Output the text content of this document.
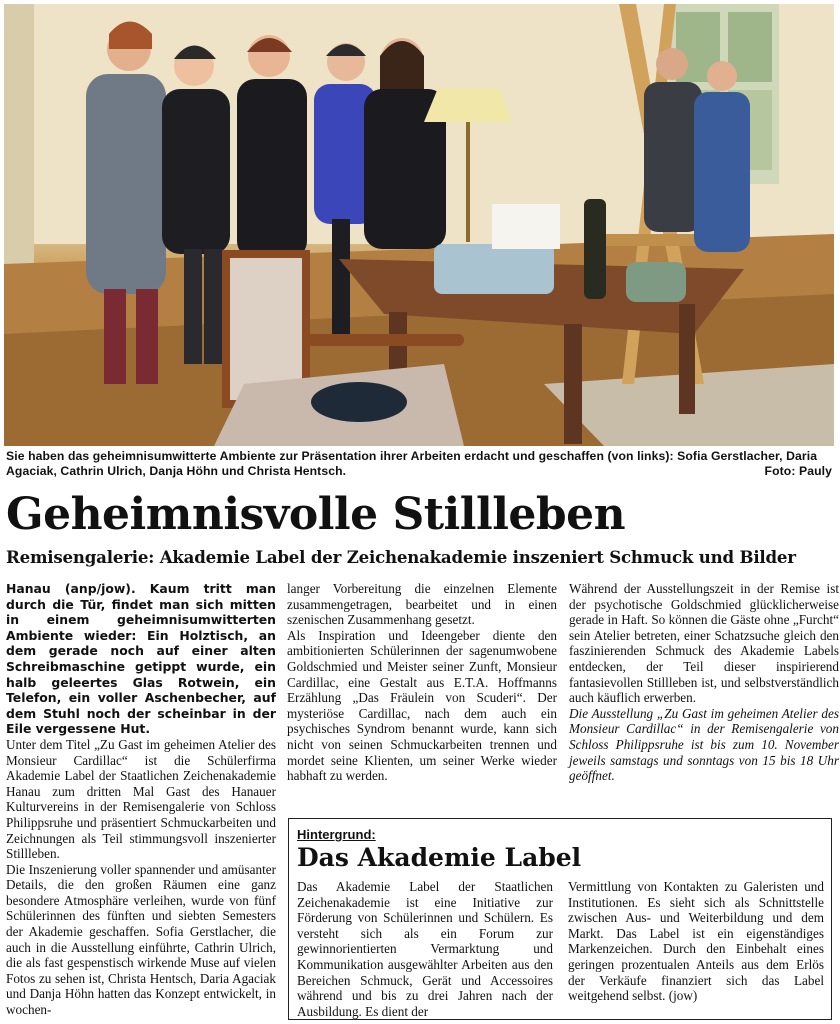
Sie haben das geheimnisumwitterte Ambiente zur Präsentation ihrer Arbeiten erdacht und geschaffen (von links): Sofia Gerstlacher, Daria Agaciak, Cathrin Ulrich, Danja Höhn und Christa Hentsch.	Foto: Pauly
Geheimnisvolle Stillleben
Remisengalerie: Akademie Label der Zeichenakademie inszeniert Schmuck und Bilder

Hanau (anp/jow). Kaum tritt man durch die Tür, findet man sich mitten in einem geheimnisumwitterten Ambiente wieder: Ein Holztisch, an dem gerade noch auf einer alten Schreibmaschine getippt wurde, ein halb geleertes Glas Rotwein, ein Telefon, ein voller Aschenbecher, auf dem Stuhl noch der scheinbar in der Eile vergessene Hut.

Unter dem Titel „Zu Gast im geheimen Atelier des Monsieur Cardillac“ ist die Schülerfirma Akademie Label der Staatlichen Zeichenakademie Hanau zum dritten Mal Gast des Hanauer Kulturvereins in der Remisengalerie von Schloss Philippsruhe und präsentiert Schmuckarbeiten und Zeichnungen als Teil stimmungsvoll inszenierter Stillleben.

Die Inszenierung voller spannender und amüsanter Details, die den großen Räumen eine ganz besondere Atmosphäre verleihen, wurde von fünf Schülerinnen des fünften und siebten Semesters der Akademie geschaffen. Sofia Gerstlacher, die auch in die Ausstellung einführte, Cathrin Ulrich, die als fast gespenstisch wirkende Muse auf vielen Fotos zu sehen ist, Christa Hentsch, Daria Agaciak und Danja Höhn hatten das Konzept entwickelt, in wochen-

langer Vorbereitung die einzelnen Elemente zusammengetragen, bearbeitet und in einen szenischen Zusammenhang gesetzt.

Als Inspiration und Ideengeber diente den ambitionierten Schülerinnen der sagenumwobene Goldschmied und Meister seiner Zunft, Monsieur Cardillac, eine Gestalt aus E.T.A. Hoffmanns Erzählung „Das Fräulein von Scuderi“. Der mysteriöse Cardillac, nach dem auch ein psychisches Syndrom benannt wurde, kann sich nicht von seinen Schmuckarbeiten trennen und mordet seine Klienten, um seiner Werke wieder habhaft zu werden.

Während der Ausstellungszeit in der Remise ist der psychotische Goldschmied glücklicherweise gerade in Haft. So können die Gäste ohne „Furcht“ sein Atelier betreten, einer Schatzsuche gleich den faszinierenden Schmuck des Akademie Labels entdecken, der Teil dieser inspirierend fantasievollen Stillleben ist, und selbstverständlich auch käuflich erwerben.

Die Ausstellung „Zu Gast im geheimen Atelier des Monsieur Cardillac“ in der Remisengalerie von Schloss Philippsruhe ist bis zum 10. November jeweils samstags und sonntags von 15 bis 18 Uhr geöffnet.

Hintergrund:

Das Akademie Label

Das Akademie Label der Staatlichen Zeichenakademie ist eine Initiative zur Förderung von Schülerinnen und Schülern. Es versteht sich als ein Forum zur gewinnorientierten Vermarktung und Kommunikation ausgewählter Arbeiten aus den Bereichen Schmuck, Gerät und Accessoires während und bis zu drei Jahren nach der Ausbildung. Es dient der

Vermittlung von Kontakten zu Galeristen und Institutionen. Es sieht sich als Schnittstelle zwischen Aus- und Weiterbildung und dem Markt. Das Label ist ein eigenständiges Markenzeichen. Durch den Einbehalt eines geringen prozentualen Anteils aus dem Erlös der Verkäufe finanziert sich das Label weitgehend selbst. (jow)
